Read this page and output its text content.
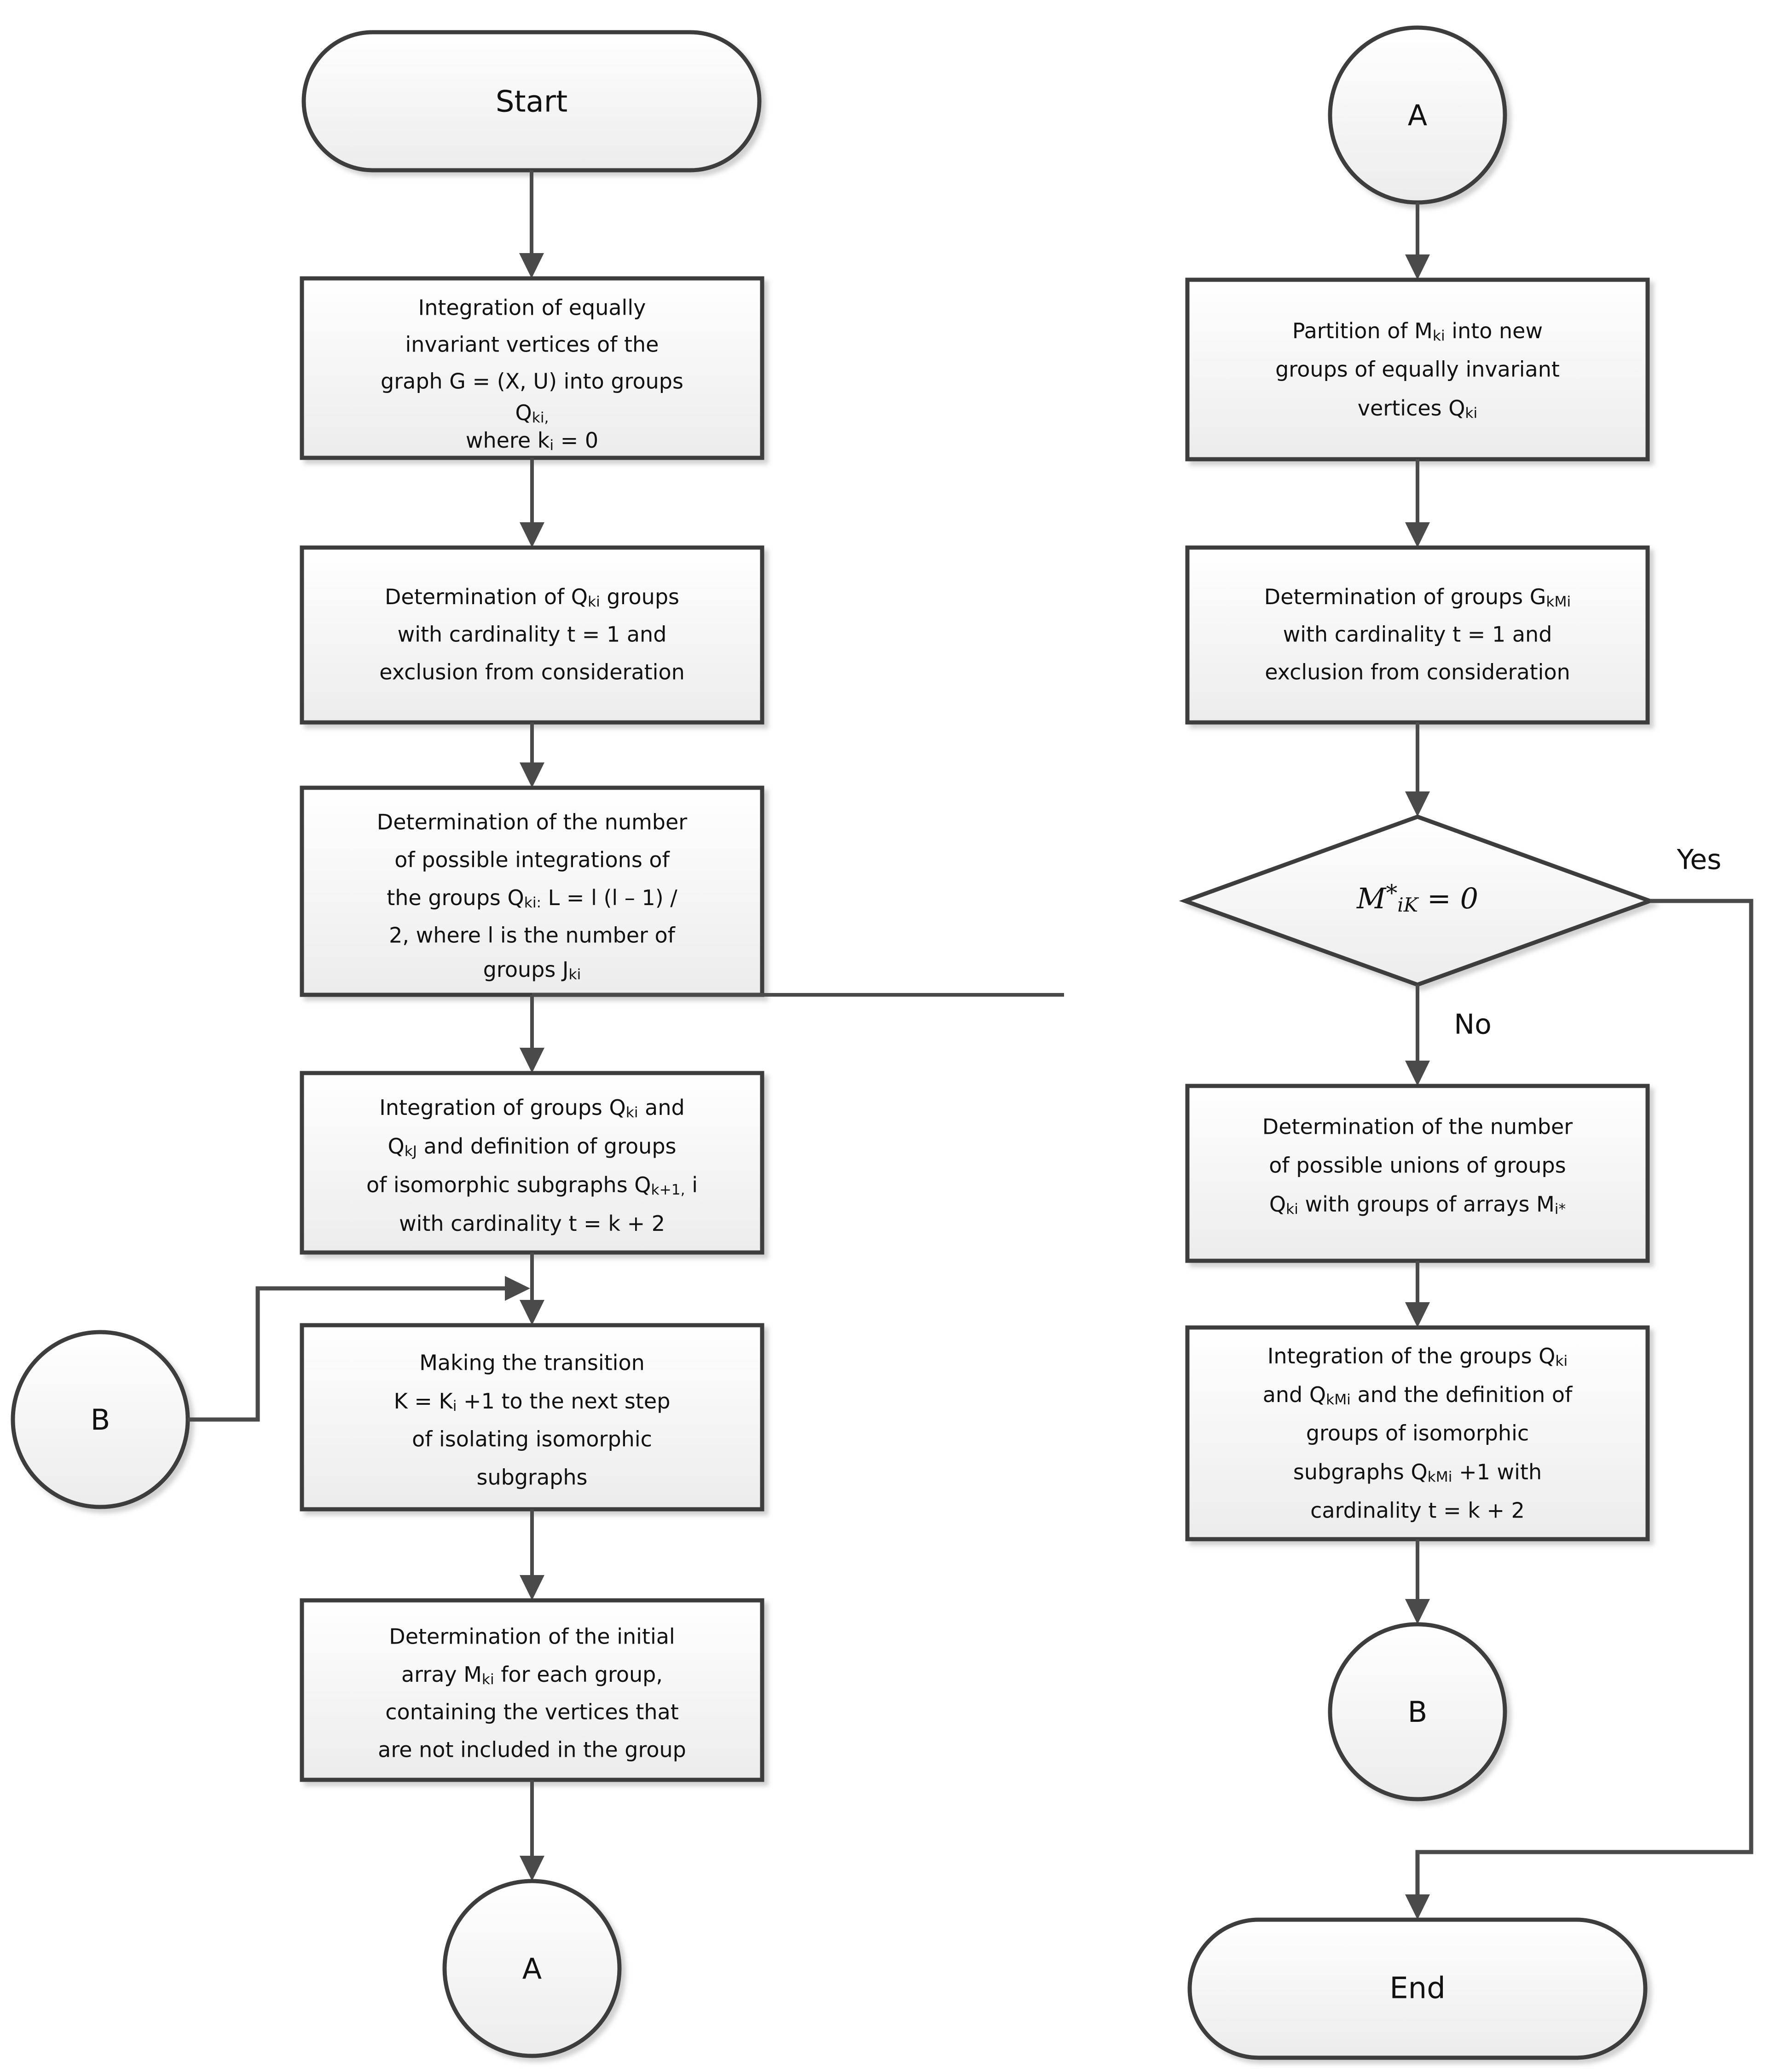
Start
Integration of equally
invariant vertices of the
graph G = (X, U) into groups
Qki,
where ki = 0
Determination of Qki groups
with cardinality t = 1 and
exclusion from consideration
Determination of the number
of possible integrations of
the groups Qki: L = l (l – 1) /
2, where l is the number of
groups Jki
Integration of groups Qki and
QkJ and definition of groups
of isomorphic subgraphs Qk+1, i
with cardinality t = k + 2
B
Making the transition
K = Ki +1 to the next step
of isolating isomorphic
subgraphs
Determination of the initial
array Mki for each group,
containing the vertices that
are not included in the group
A
A
Partition of Mki into new
groups of equally invariant
vertices Qki
Determination of groups GkMi
with cardinality t = 1 and
exclusion from consideration
M*iK = 0
Yes
No
Determination of the number
of possible unions of groups
Qki with groups of arrays Mi*
Integration of the groups Qki
and QkMi and the definition of
groups of isomorphic
subgraphs QkMi +1 with
cardinality t = k + 2
B
End
